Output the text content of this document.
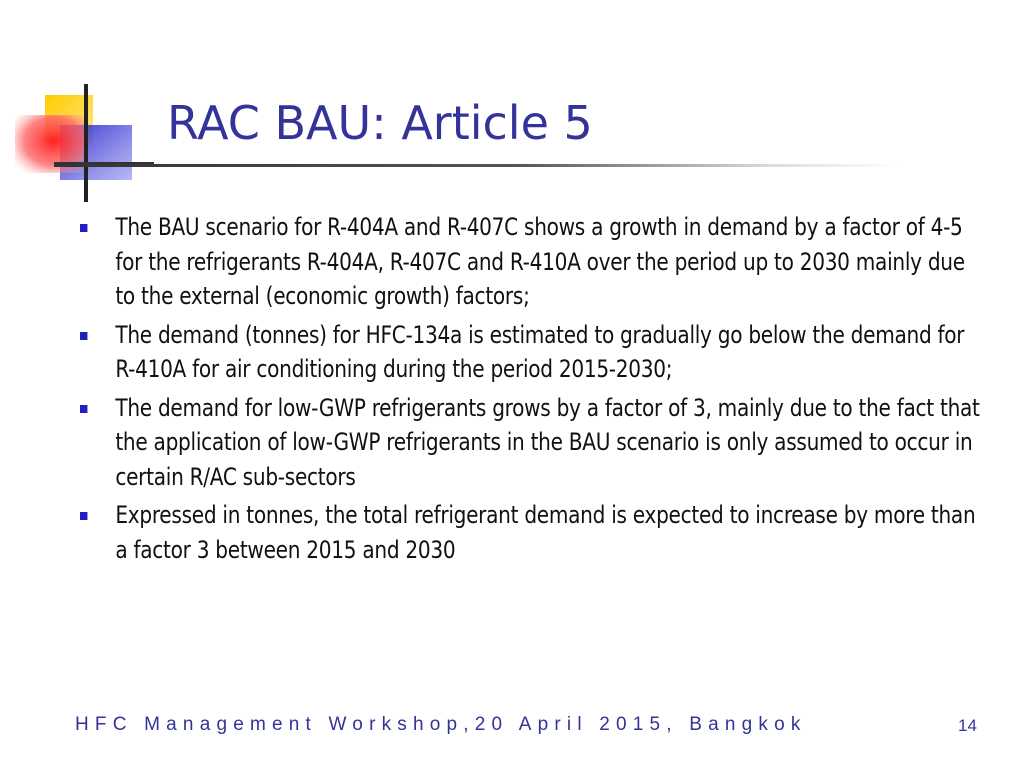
RAC BAU: Article 5
The BAU scenario for R-404A and R-407C shows a growth in demand by a factor of 4-5 for the refrigerants R-404A, R-407C and R-410A over the period up to 2030 mainly due to the external (economic growth) factors;
The demand (tonnes) for HFC-134a is estimated to gradually go below the demand for R-410A for air conditioning during the period 2015-2030;
The demand for low-GWP refrigerants grows by a factor of 3, mainly due to the fact that the application of low-GWP refrigerants in the BAU scenario is only assumed to occur in certain R/AC sub-sectors
Expressed in tonnes, the total refrigerant demand is expected to increase by more than a factor 3 between 2015 and 2030
HFC Management Workshop,20 April 2015, Bangkok	14
